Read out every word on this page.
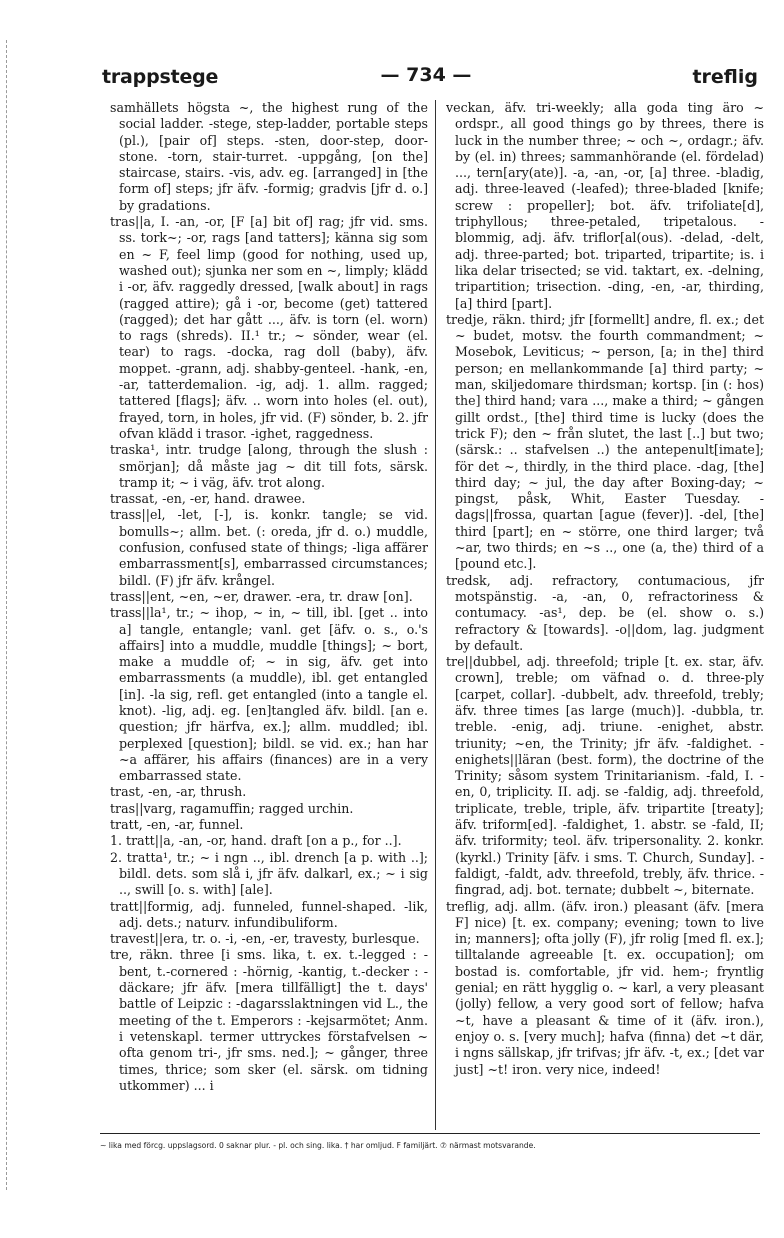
trappstege	— 734 —	treflig

samhällets högsta ~, the highest rung of the social ladder. -stege, step-ladder, portable steps (pl.), [pair of] steps. -sten, door-step, door-stone. -torn, stair-turret. -uppgång, [on the] staircase, stairs. -vis, adv. eg. [arranged] in [the form of] steps; jfr äfv. -formig; gradvis [jfr d. o.] by gradations.

tras||a, I. -an, -or, [F [a] bit of] rag; jfr vid. sms. ss. tork~; -or, rags [and tatters]; känna sig som en ~ F, feel limp (good for nothing, used up, washed out); sjunka ner som en ~, limply; klädd i -or, äfv. raggedly dressed, [walk about] in rags (ragged attire); gå i -or, become (get) tattered (ragged); det har gått ..., äfv. is torn (el. worn) to rags (shreds). II.¹ tr.; ~ sönder, wear (el. tear) to rags. -docka, rag doll (baby), äfv. moppet. -grann, adj. shabby-genteel. -hank, -en, -ar, tatterdemalion. -ig, adj. 1. allm. ragged; tattered [flags]; äfv. .. worn into holes (el. out), frayed, torn, in holes, jfr vid. (F) sönder, b. 2. jfr ofvan klädd i trasor. -ighet, raggedness.

traska¹, intr. trudge [along, through the slush : smörjan]; då måste jag ~ dit till fots, särsk. tramp it; ~ i väg, äfv. trot along.

trassat, -en, -er, hand. drawee.

trass||el, -let, [-], is. konkr. tangle; se vid. bomulls~; allm. bet. (: oreda, jfr d. o.) muddle, confusion, confused state of things; -liga affärer embarrassment[s], embarrassed circumstances; bildl. (F) jfr äfv. krångel.

trass||ent, ~en, ~er, drawer. -era, tr. draw [on].

trass||la¹, tr.; ~ ihop, ~ in, ~ till, ibl. [get .. into a] tangle, entangle; vanl. get [äfv. o. s., o.'s affairs] into a muddle, muddle [things]; ~ bort, make a muddle of; ~ in sig, äfv. get into embarrassments (a muddle), ibl. get entangled [in]. -la sig, refl. get entangled (into a tangle el. knot). -lig, adj. eg. [en]tangled äfv. bildl. [an e. question; jfr härfva, ex.]; allm. muddled; ibl. perplexed [question]; bildl. se vid. ex.; han har ~a affärer, his affairs (finances) are in a very embarrassed state.

trast, -en, -ar, thrush.

tras||varg, ragamuffin; ragged urchin.

tratt, -en, -ar, funnel.

1. tratt||a, -an, -or, hand. draft [on a p., for ..].

2. tratta¹, tr.; ~ i ngn .., ibl. drench [a p. with ..]; bildl. dets. som slå i, jfr äfv. dalkarl, ex.; ~ i sig .., swill [o. s. with] [ale].

tratt||formig, adj. funneled, funnel-shaped. -lik, adj. dets.; naturv. infundibuliform.

travest||era, tr. o. -i, -en, -er, travesty, burlesque.

tre, räkn. three [i sms. lika, t. ex. t.-legged : -bent, t.-cornered : -hörnig, -kantig, t.-decker : -däckare; jfr äfv. [mera tillfälligt] the t. days' battle of Leipzic : -dagarsslaktningen vid L., the meeting of the t. Emperors : -kejsarmötet; Anm. i vetenskapl. termer uttryckes förstafvelsen ~ ofta genom tri-, jfr sms. ned.]; ~ gånger, three times, thrice; som sker (el. särsk. om tidning utkommer) ... i

veckan, äfv. tri-weekly; alla goda ting äro ~ ordspr., all good things go by threes, there is luck in the number three; ~ och ~, ordagr.; äfv. by (el. in) threes; sammanhörande (el. fördelad) ..., tern[ary(ate)]. -a, -an, -or, [a] three. -bladig, adj. three-leaved (-leafed); three-bladed [knife; screw : propeller]; bot. äfv. trifoliate[d], triphyllous; three-petaled, tripetalous. -blommig, adj. äfv. triflor[al(ous). -delad, -delt, adj. three-parted; bot. triparted, tripartite; is. i lika delar trisected; se vid. taktart, ex. -delning, tripartition; trisection. -ding, -en, -ar, thirding, [a] third [part].

tredje, räkn. third; jfr [formellt] andre, fl. ex.; det ~ budet, motsv. the fourth commandment; ~ Mosebok, Leviticus; ~ person, [a; in the] third person; en mellankommande [a] third party; ~ man, skiljedomare thirdsman; kortsp. [in (: hos) the] third hand; vara ..., make a third; ~ gången gillt ordst., [the] third time is lucky (does the trick F); den ~ från slutet, the last [..] but two; (särsk.: .. stafvelsen ..) the antepenult[imate]; för det ~, thirdly, in the third place. -dag, [the] third day; ~ jul, the day after Boxing-day; ~ pingst, påsk, Whit, Easter Tuesday. -dags||frossa, quartan [ague (fever)]. -del, [the] third [part]; en ~ större, one third larger; två ~ar, two thirds; en ~s .., one (a, the) third of a [pound etc.].

tredsk, adj. refractory, contumacious, jfr motspänstig. -a, -an, 0, refractoriness & contumacy. -as¹, dep. be (el. show o. s.) refractory & [towards]. -o||dom, lag. judgment by default.

tre||dubbel, adj. threefold; triple [t. ex. star, äfv. crown], treble; om väfnad o. d. three-ply [carpet, collar]. -dubbelt, adv. threefold, trebly; äfv. three times [as large (much)]. -dubbla, tr. treble. -enig, adj. triune. -enighet, abstr. triunity; ~en, the Trinity; jfr äfv. -faldighet. -enighets||läran (best. form), the doctrine of the Trinity; såsom system Trinitarianism. -fald, I. -en, 0, triplicity. II. adj. se -faldig, adj. threefold, triplicate, treble, triple, äfv. tripartite [treaty]; äfv. triform[ed]. -faldighet, 1. abstr. se -fald, II; äfv. triformity; teol. äfv. tripersonality. 2. konkr. (kyrkl.) Trinity [äfv. i sms. T. Church, Sunday]. -faldigt, -faldt, adv. threefold, trebly, äfv. thrice. -fingrad, adj. bot. ternate; dubbelt ~, biternate.

treflig, adj. allm. (äfv. iron.) pleasant (äfv. [mera F] nice) [t. ex. company; evening; town to live in; manners]; ofta jolly (F), jfr rolig [med fl. ex.]; tilltalande agreeable [t. ex. occupation]; om bostad is. comfortable, jfr vid. hem-; fryntlig genial; en rätt hygglig o. ~ karl, a very pleasant (jolly) fellow, a very good sort of fellow; hafva ~t, have a pleasant & time of it (äfv. iron.), enjoy o. s. [very much]; hafva (finna) det ~t där, i ngns sällskap, jfr trifvas; jfr äfv. -t, ex.; [det var just] ~t! iron. very nice, indeed!

~ lika med förcg. uppslagsord. 0 saknar plur. - pl. och sing. lika. † har omljud. F familjärt. ⑦ närmast motsvarande.
